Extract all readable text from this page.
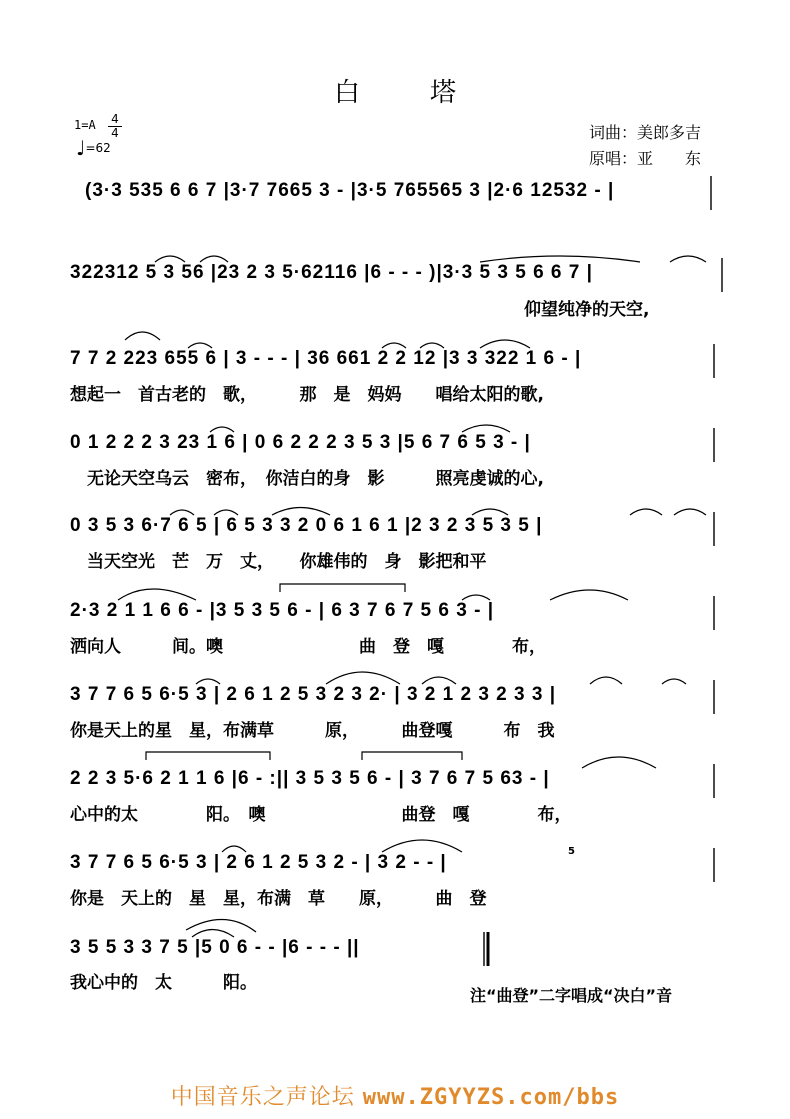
白塔
1=A 4
4
♩=62
词曲：美郎多吉
原唱：亚　　东
(3·3 535 6 6 7 |3·7 7665 3 - |3·5 765565 3 |2·6 12532 - |
322312 5 3 56 |23 2 3 5·62116 |6 - - - )|3·3 5 3 5 6 6 7 |
仰望纯净的天空,
7 7 2 223 655 6 | 3 - - - | 36 661 2 2 12 |3 3 322 1 6 - |
想起一　首古老的　歌，　　　那　是　妈妈　　唱给太阳的歌,
0 1 2 2 2 3 23 1 6 | 0 6 2 2 2 3 5 3 |5 6 7 6 5 3 - |
　无论天空乌云　密布，　你洁白的身　影　　　照亮虔诚的心,
0 3 5 3 6·7 6 5 | 6 5 3 3 2 0 6 1 6 1 |2 3 2 3 5 3 5 |
　当天空光　芒　万　丈，　　你雄伟的　身　影把和平
2·3 2 1 1 6 6 - |3 5 3 5 6 - | 6 3 7 6 7 5 6 3 - |
洒向人　　　间。噢　　　　　　　　曲　登　嘎　　　　布，
3 7 7 6 5 6·5 3 | 2 6 1 2 5 3 2 3 2· | 3 2 1 2 3 2 3 3 |
你是天上的星　星，布满草　　　原，　　　曲登嘎　　　布　我
2 2 3 5·6 2 1 1 6 |6 - :|| 3 5 3 5 6 - | 3 7 6 7 5 63 - |
心中的太　　　　阳。　噢　　　　　　　　曲登　嘎　　　　布，
3 7 7 6 5 6·5 3 | 2 6 1 2 5 3 2 - | 3 2 - - |
你是　天上的　星　星，布满　草　　原，　　　曲　登
5
3 5 5 3 3 7 5 |5 0 6 - - |6 - - - ||
我心中的　太　　　阳。
注“曲登”二字唱成“决白”音
中国音乐之声论坛 www.ZGYYZS.com/bbs
